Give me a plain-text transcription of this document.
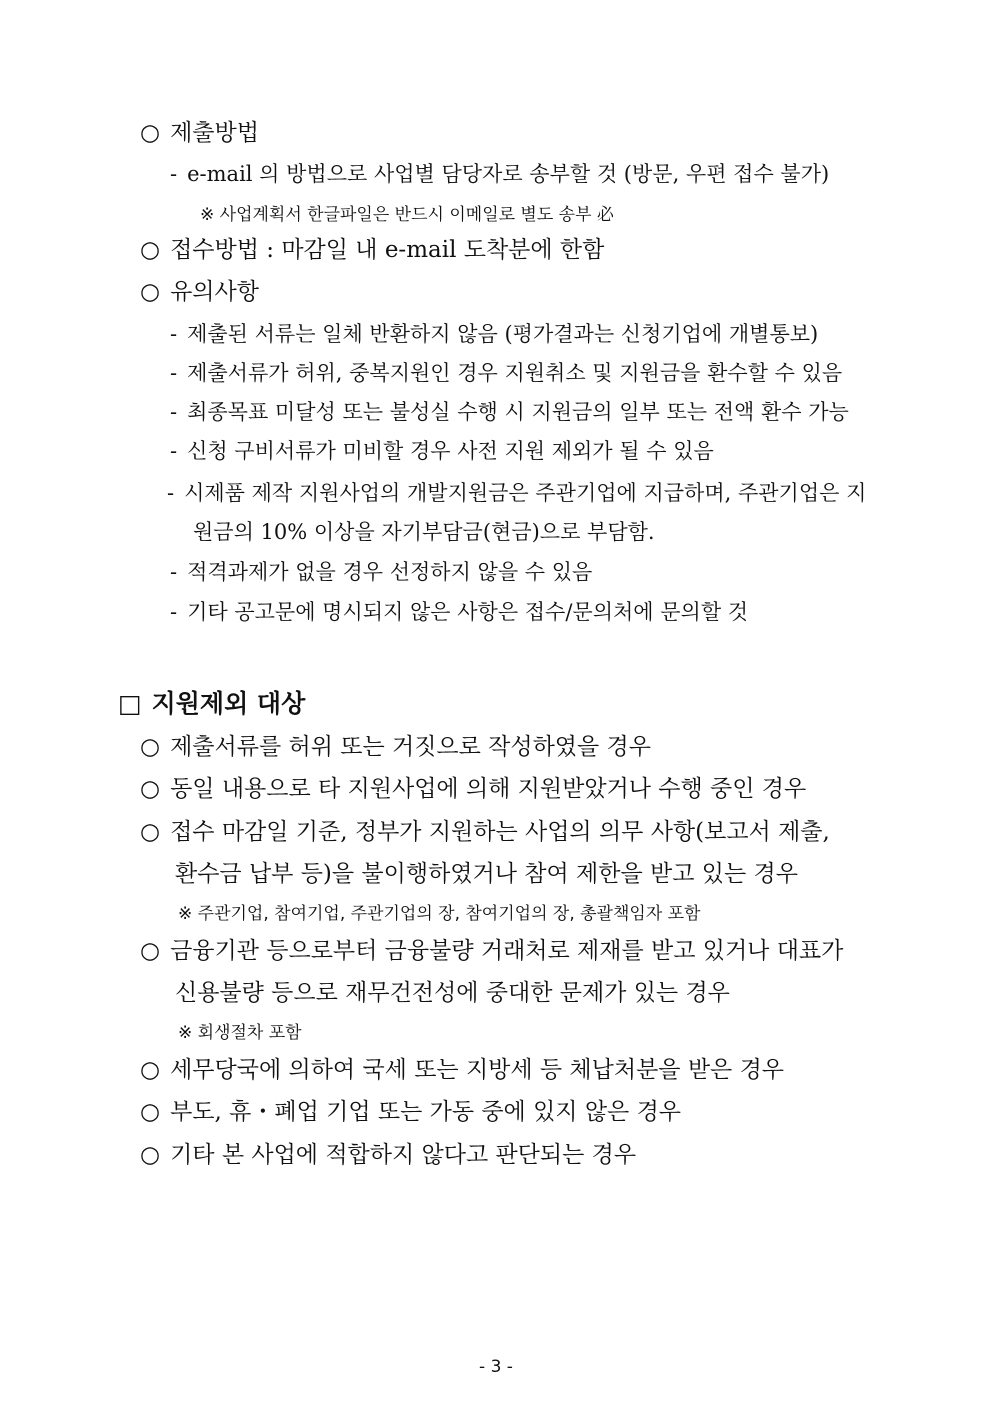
○ 제출방법
- e-mail 의 방법으로 사업별 담당자로 송부할 것 (방문, 우편 접수 불가)
※ 사업계획서 한글파일은 반드시 이메일로 별도 송부 必
○ 접수방법 : 마감일 내 e-mail 도착분에 한함
○ 유의사항
- 제출된 서류는 일체 반환하지 않음 (평가결과는 신청기업에 개별통보)
- 제출서류가 허위, 중복지원인 경우 지원취소 및 지원금을 환수할 수 있음
- 최종목표 미달성 또는 불성실 수행 시 지원금의 일부 또는 전액 환수 가능
- 신청 구비서류가 미비할 경우 사전 지원 제외가 될 수 있음
- 시제품 제작 지원사업의 개발지원금은 주관기업에 지급하며, 주관기업은 지
원금의 10% 이상을 자기부담금(현금)으로 부담함.
- 적격과제가 없을 경우 선정하지 않을 수 있음
- 기타 공고문에 명시되지 않은 사항은 접수/문의처에 문의할 것
□ 지원제외 대상
○ 제출서류를 허위 또는 거짓으로 작성하였을 경우
○ 동일 내용으로 타 지원사업에 의해 지원받았거나 수행 중인 경우
○ 접수 마감일 기준, 정부가 지원하는 사업의 의무 사항(보고서 제출,
환수금 납부 등)을 불이행하였거나 참여 제한을 받고 있는 경우
※ 주관기업, 참여기업, 주관기업의 장, 참여기업의 장, 총괄책임자 포함
○ 금융기관 등으로부터 금융불량 거래처로 제재를 받고 있거나 대표가
신용불량 등으로 재무건전성에 중대한 문제가 있는 경우
※ 회생절차 포함
○ 세무당국에 의하여 국세 또는 지방세 등 체납처분을 받은 경우
○ 부도, 휴・폐업 기업 또는 가동 중에 있지 않은 경우
○ 기타 본 사업에 적합하지 않다고 판단되는 경우
- 3 -
